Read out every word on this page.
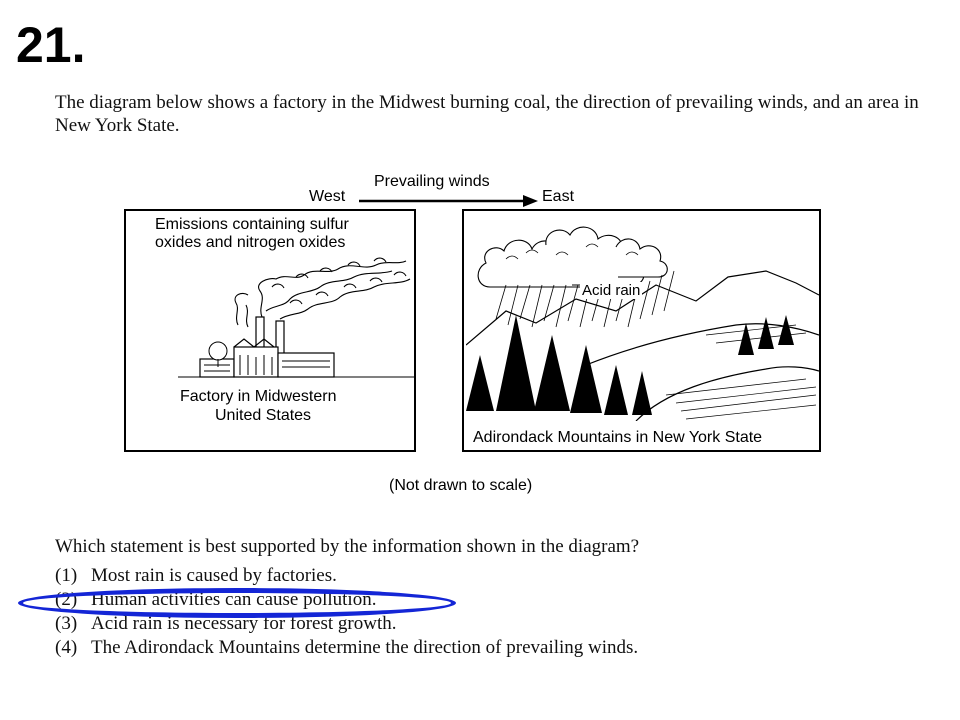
21.
The diagram below shows a factory in the Midwest burning coal, the direction of prevailing winds, and an area in New York State.
West
Prevailing winds
East
Emissions containing sulfur
oxides and nitrogen oxides
Factory in Midwestern
United States
Acid rain
Adirondack Mountains in New York State
(Not drawn to scale)
Which statement is best supported by the information shown in the diagram?
(1) Most rain is caused by factories.
(2) Human activities can cause pollution.
(3) Acid rain is necessary for forest growth.
(4) The Adirondack Mountains determine the direction of prevailing winds.
